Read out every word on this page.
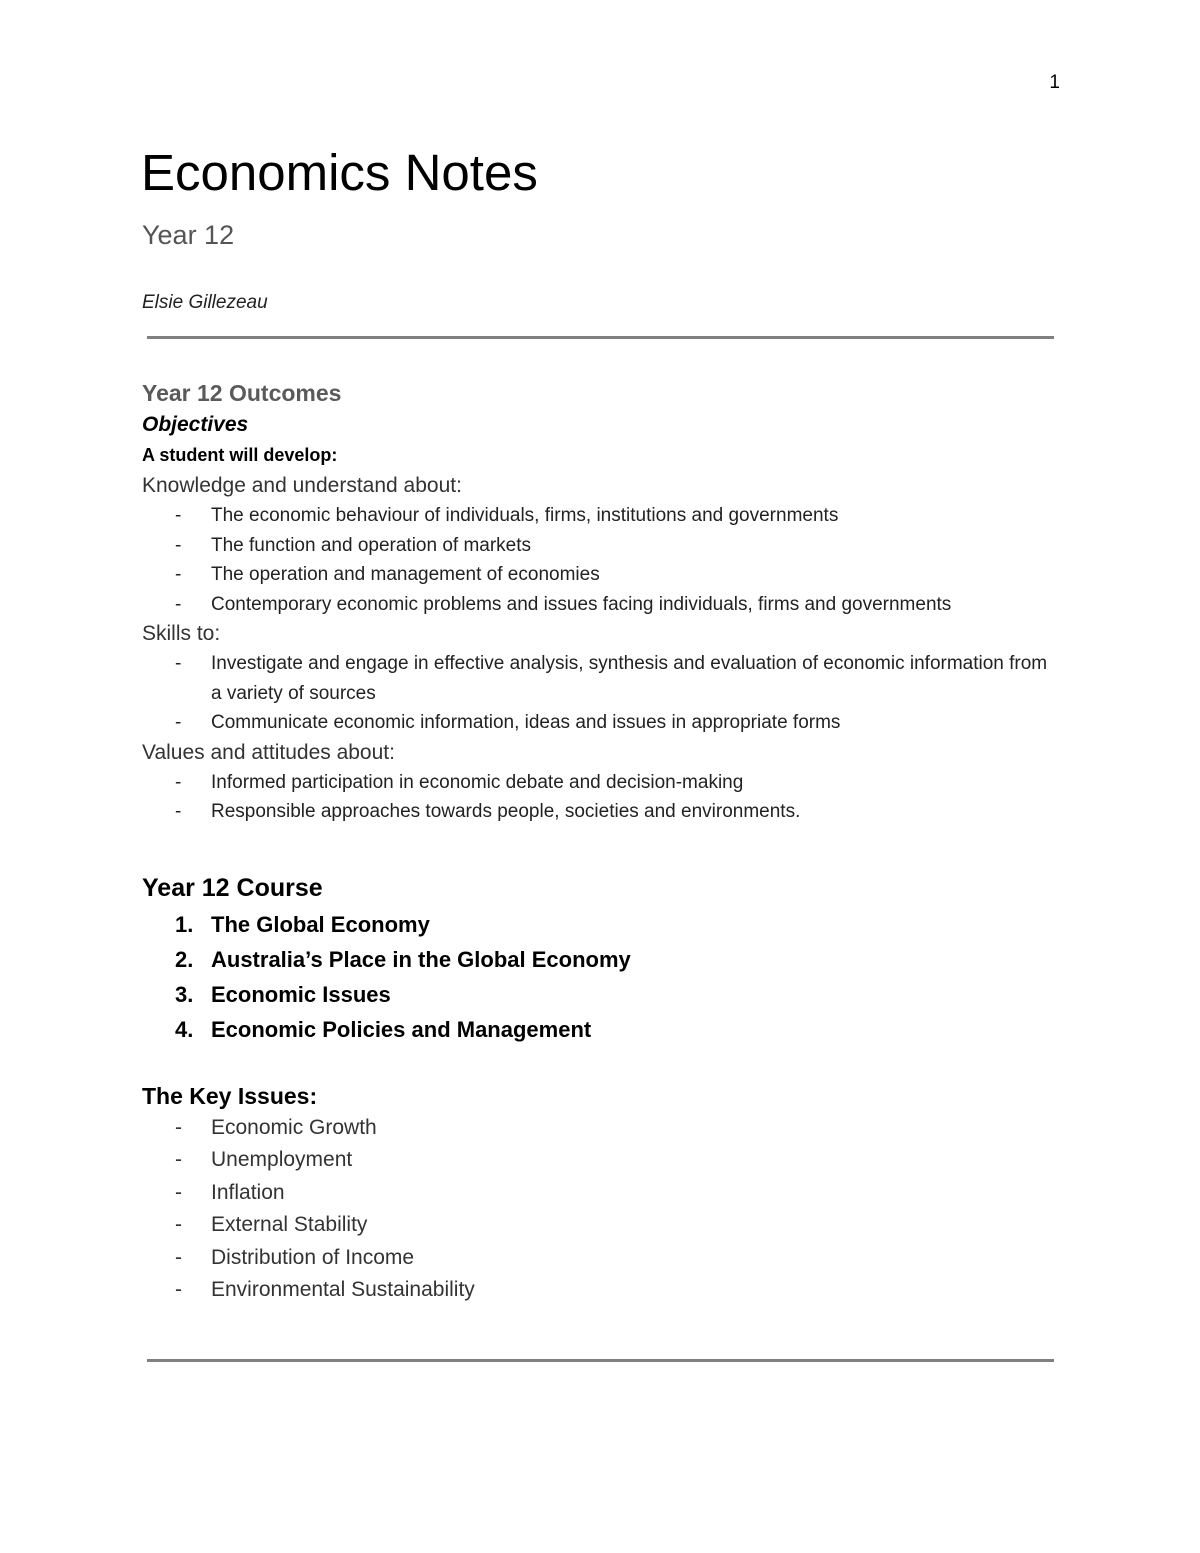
1
Economics Notes
Year 12
Elsie Gillezeau
Year 12 Outcomes
Objectives
A student will develop:
Knowledge and understand about:
- The economic behaviour of individuals, firms, institutions and governments
- The function and operation of markets
- The operation and management of economies
- Contemporary economic problems and issues facing individuals, firms and governments
Skills to:
- Investigate and engage in effective analysis, synthesis and evaluation of economic information from a variety of sources
- Communicate economic information, ideas and issues in appropriate forms
Values and attitudes about:
- Informed participation in economic debate and decision-making
- Responsible approaches towards people, societies and environments.
Year 12 Course
1. The Global Economy
2. Australia’s Place in the Global Economy
3. Economic Issues
4. Economic Policies and Management
The Key Issues:
- Economic Growth
- Unemployment
- Inflation
- External Stability
- Distribution of Income
- Environmental Sustainability
